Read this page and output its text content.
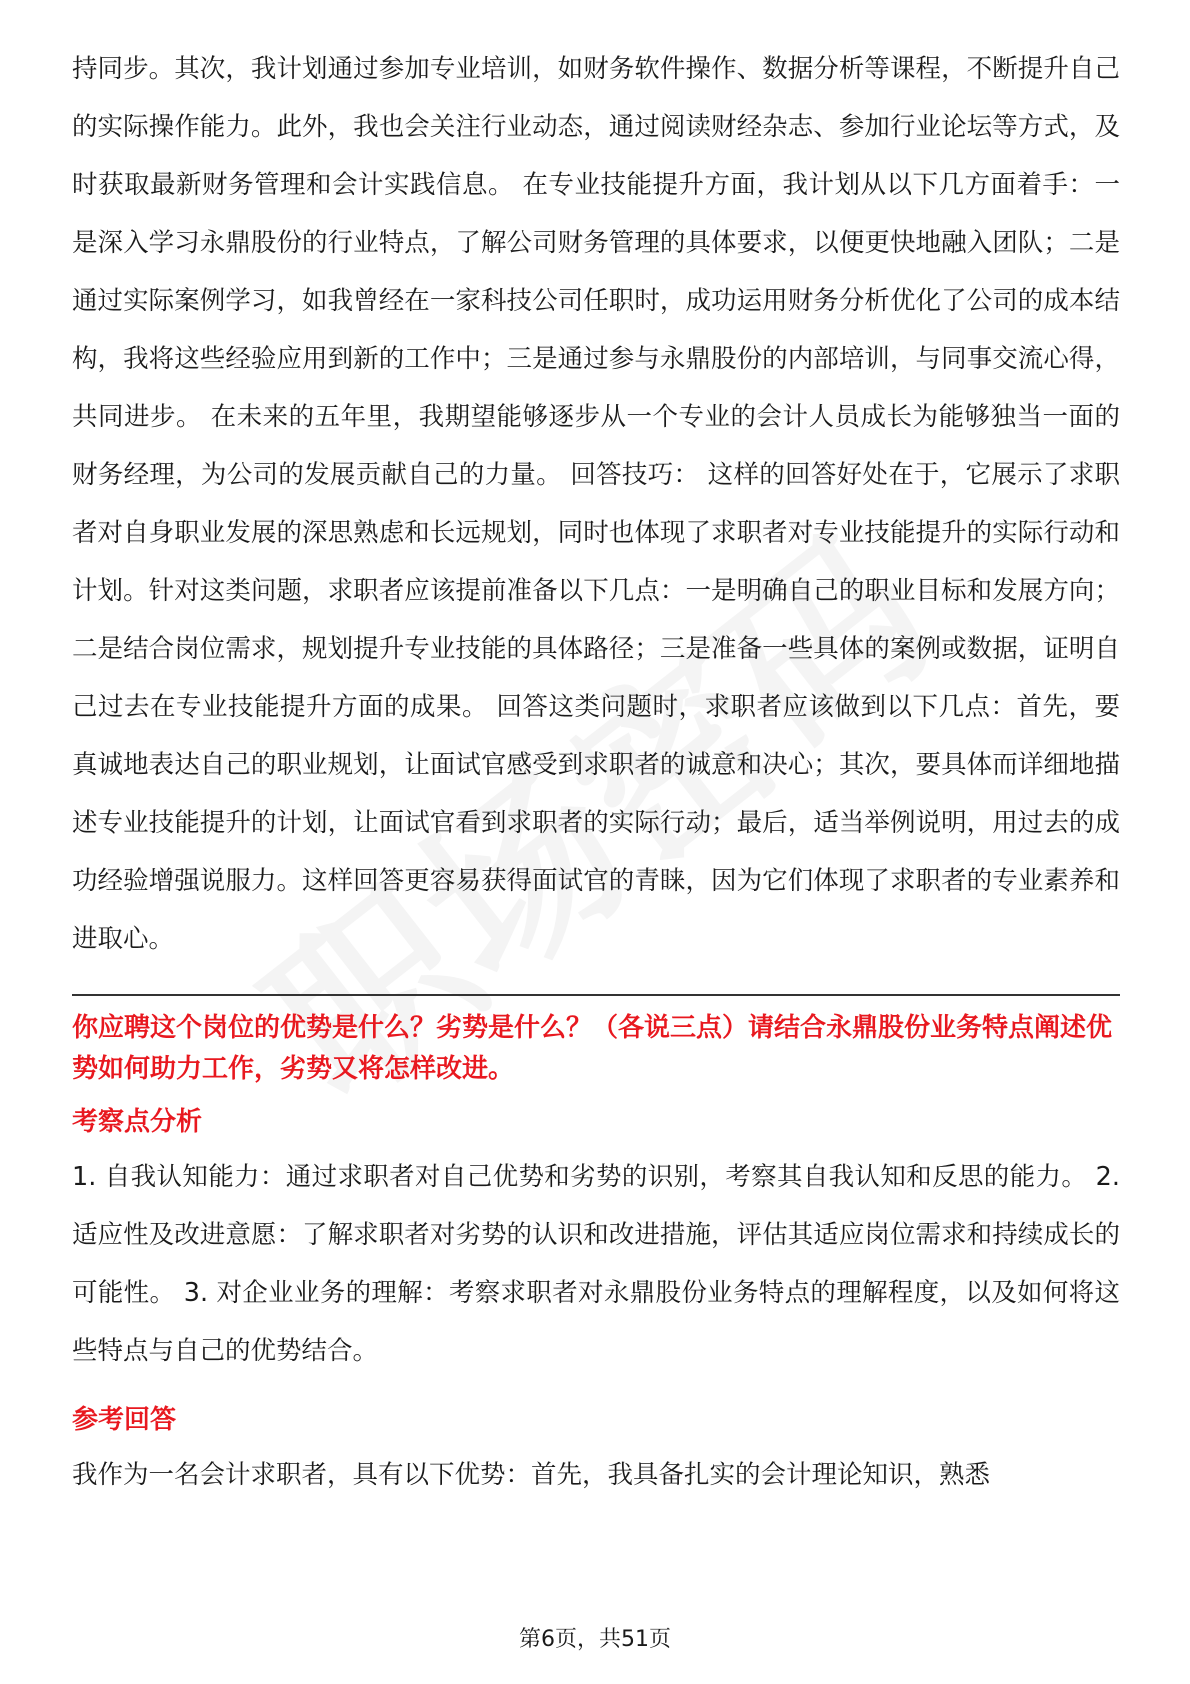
持同步。其次，我计划通过参加专业培训，如财务软件操作、数据分析等课程，不断提升自己的实际操作能力。此外，我也会关注行业动态，通过阅读财经杂志、参加行业论坛等方式，及时获取最新财务管理和会计实践信息。 在专业技能提升方面，我计划从以下几方面着手：一是深入学习永鼎股份的行业特点，了解公司财务管理的具体要求，以便更快地融入团队；二是通过实际案例学习，如我曾经在一家科技公司任职时，成功运用财务分析优化了公司的成本结构，我将这些经验应用到新的工作中；三是通过参与永鼎股份的内部培训，与同事交流心得，共同进步。 在未来的五年里，我期望能够逐步从一个专业的会计人员成长为能够独当一面的财务经理，为公司的发展贡献自己的力量。 回答技巧： 这样的回答好处在于，它展示了求职者对自身职业发展的深思熟虑和长远规划，同时也体现了求职者对专业技能提升的实际行动和计划。针对这类问题，求职者应该提前准备以下几点：一是明确自己的职业目标和发展方向；二是结合岗位需求，规划提升专业技能的具体路径；三是准备一些具体的案例或数据，证明自己过去在专业技能提升方面的成果。 回答这类问题时，求职者应该做到以下几点：首先，要真诚地表达自己的职业规划，让面试官感受到求职者的诚意和决心；其次，要具体而详细地描述专业技能提升的计划，让面试官看到求职者的实际行动；最后，适当举例说明，用过去的成功经验增强说服力。这样回答更容易获得面试官的青睐，因为它们体现了求职者的专业素养和进取心。

你应聘这个岗位的优势是什么？劣势是什么？（各说三点）请结合永鼎股份业务特点阐述优势如何助力工作，劣势又将怎样改进。

考察点分析

1. 自我认知能力：通过求职者对自己优势和劣势的识别，考察其自我认知和反思的能力。 2. 适应性及改进意愿：了解求职者对劣势的认识和改进措施，评估其适应岗位需求和持续成长的可能性。 3. 对企业业务的理解：考察求职者对永鼎股份业务特点的理解程度，以及如何将这些特点与自己的优势结合。

参考回答

我作为一名会计求职者，具有以下优势：首先，我具备扎实的会计理论知识，熟悉

第6页，共51页
